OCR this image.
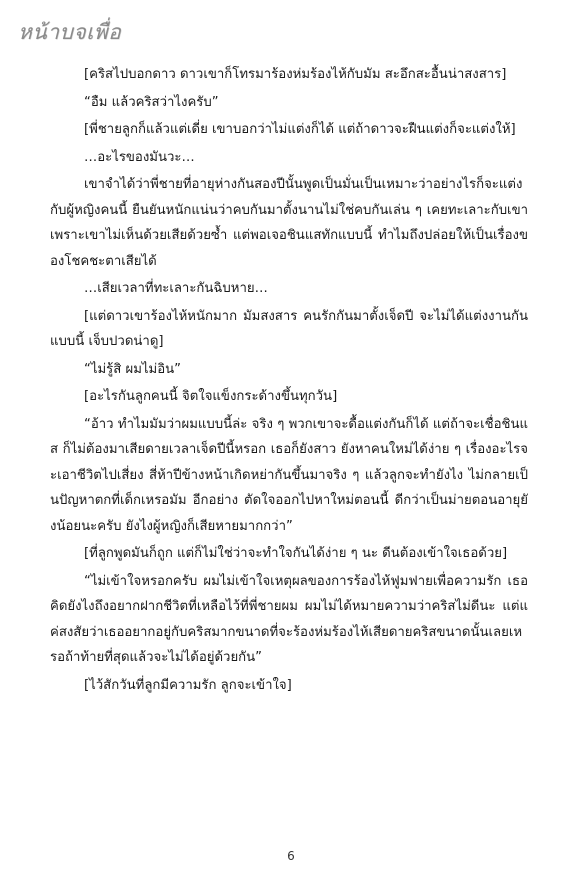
หน้าบจเพื่อ

[คริสไปบอกดาว ดาวเขาก็โทรมาร้องห่มร้องไห้กับมัม สะอึกสะอื้นน่าสงสาร]

“อืม แล้วคริสว่าไงครับ”

[พี่ชายลูกก็แล้วแต่เดี่ย เขาบอกว่าไม่แต่งก็ได้ แต่ถ้าดาวจะฝืนแต่งก็จะแต่งให้]

…อะไรของมันวะ…

เขาจำได้ว่าพี่ชายที่อายุห่างกันสองปีนั้นพูดเป็นมั่นเป็นเหมาะว่าอย่างไรก็จะแต่งกับผู้หญิงคนนี้ ยืนยันหนักแน่นว่าคบกันมาตั้งนานไม่ใช่คบกันเล่น ๆ เคยทะเลาะกับเขาเพราะเขาไม่เห็นด้วยเสียด้วยซ้ำ แต่พอเจอชินแสทักแบบนี้ ทำไมถึงปล่อยให้เป็นเรื่องของโชคชะตาเสียได้

…เสียเวลาที่ทะเลาะกันฉิบหาย…

[แต่ดาวเขาร้องไห้หนักมาก มัมสงสาร คนรักกันมาตั้งเจ็ดปี จะไม่ได้แต่งงานกันแบบนี้ เจ็บปวดน่าดู]

“ไม่รู้สิ ผมไม่อิน”

[อะไรกันลูกคนนี้ จิตใจแข็งกระด้างขึ้นทุกวัน]

“อ้าว ทำไมมัมว่าผมแบบนี้ล่ะ จริง ๆ พวกเขาจะดื้อแต่งกันก็ได้ แต่ถ้าจะเชื่อชินแส ก็ไม่ต้องมาเสียดายเวลาเจ็ดปีนี้หรอก เธอก็ยังสาว ยังหาคนใหม่ได้ง่าย ๆ เรื่องอะไรจะเอาชีวิตไปเสี่ยง สี่ห้าปีข้างหน้าเกิดหย่ากันขึ้นมาจริง ๆ แล้วลูกจะทำยังไง ไม่กลายเป็นปัญหาตกที่เด็กเหรอมัม อีกอย่าง ตัดใจออกไปหาใหม่ตอนนี้ ดีกว่าเป็นม่ายตอนอายุยังน้อยนะครับ ยังไงผู้หญิงก็เสียหายมากกว่า”

[ที่ลูกพูดมันก็ถูก แต่ก็ไม่ใช่ว่าจะทำใจกันได้ง่าย ๆ นะ ดีนต้องเข้าใจเธอด้วย]

“ไม่เข้าใจหรอกครับ ผมไม่เข้าใจเหตุผลของการร้องไห้ฟูมฟายเพื่อความรัก เธอคิดยังไงถึงอยากฝากชีวิตที่เหลือไว้ที่พี่ชายผม ผมไม่ได้หมายความว่าคริสไม่ดีนะ แต่แค่สงสัยว่าเธออยากอยู่กับคริสมากขนาดที่จะร้องห่มร้องไห้เสียดายคริสขนาดนั้นเลยเหรอถ้าท้ายที่สุดแล้วจะไม่ได้อยู่ด้วยกัน”

[ไว้สักวันที่ลูกมีความรัก ลูกจะเข้าใจ]

6
